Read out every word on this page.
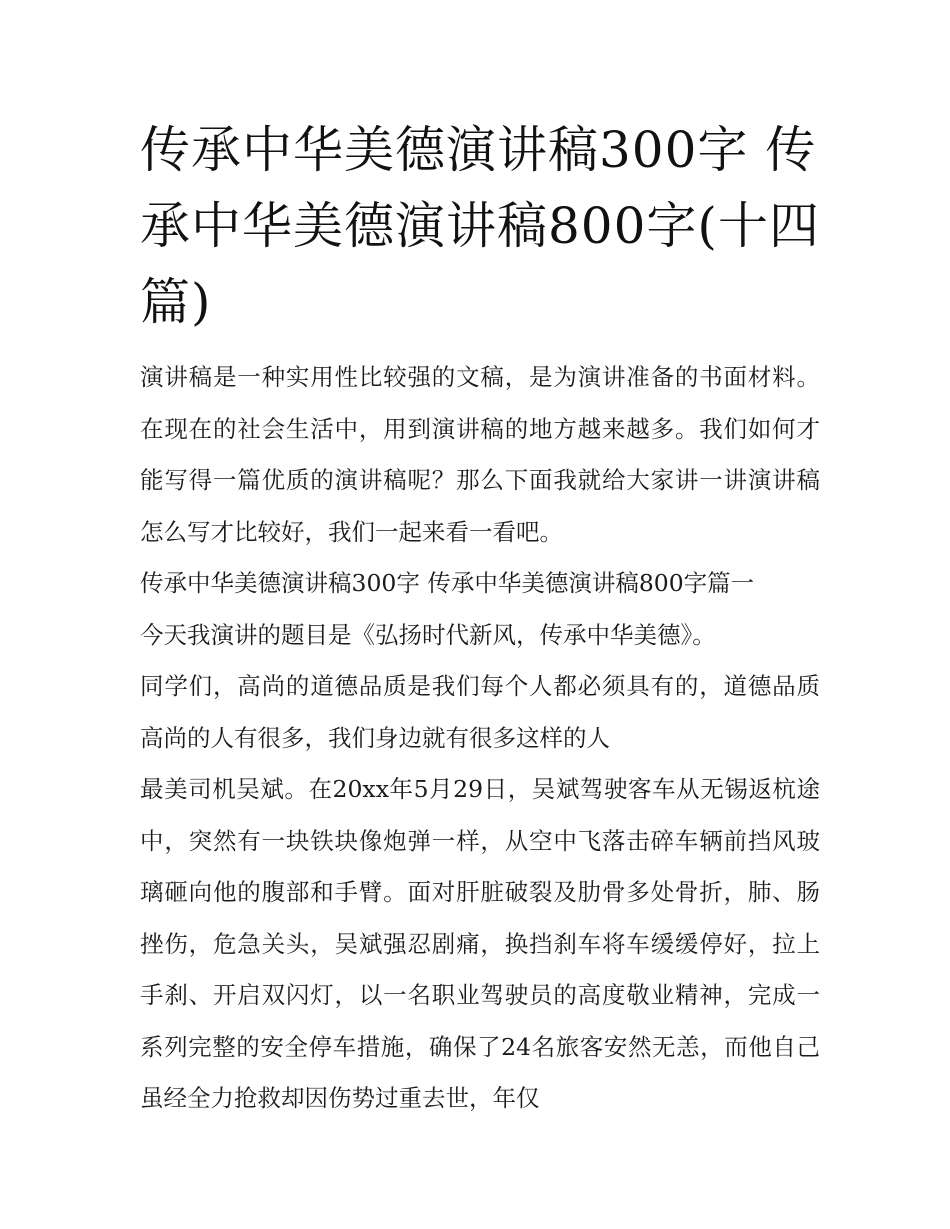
传承中华美德演讲稿300字 传承中华美德演讲稿800字(十四篇)

演讲稿是一种实用性比较强的文稿，是为演讲准备的书面材料。在现在的社会生活中，用到演讲稿的地方越来越多。我们如何才能写得一篇优质的演讲稿呢？那么下面我就给大家讲一讲演讲稿怎么写才比较好，我们一起来看一看吧。

传承中华美德演讲稿300字 传承中华美德演讲稿800字篇一

今天我演讲的题目是《弘扬时代新风，传承中华美德》。

同学们，高尚的道德品质是我们每个人都必须具有的，道德品质高尚的人有很多，我们身边就有很多这样的人

最美司机吴斌。在20xx年5月29日，吴斌驾驶客车从无锡返杭途中，突然有一块铁块像炮弹一样，从空中飞落击碎车辆前挡风玻璃砸向他的腹部和手臂。面对肝脏破裂及肋骨多处骨折，肺、肠挫伤，危急关头，吴斌强忍剧痛，换挡刹车将车缓缓停好，拉上手刹、开启双闪灯，以一名职业驾驶员的高度敬业精神，完成一系列完整的安全停车措施，确保了24名旅客安然无恙，而他自己虽经全力抢救却因伤势过重去世，年仅
